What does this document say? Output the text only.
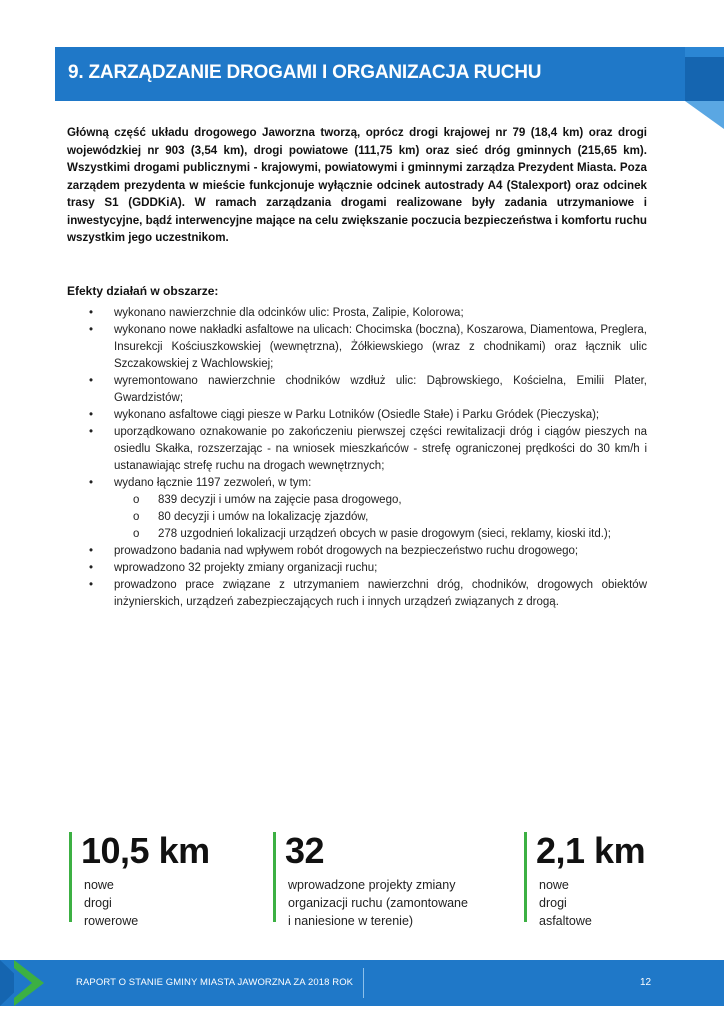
9. ZARZĄDZANIE DROGAMI I ORGANIZACJA RUCHU
Główną część układu drogowego Jaworzna tworzą, oprócz drogi krajowej nr 79 (18,4 km) oraz drogi wojewódzkiej nr 903 (3,54 km), drogi powiatowe (111,75 km) oraz sieć dróg gminnych (215,65 km). Wszystkimi drogami publicznymi - krajowymi, powiatowymi i gminnymi zarządza Prezydent Miasta. Poza zarządem prezydenta w mieście funkcjonuje wyłącznie odcinek autostrady A4 (Stalexport) oraz odcinek trasy S1 (GDDKiA). W ramach zarządzania drogami realizowane były zadania utrzymaniowe i inwestycyjne, bądź interwencyjne mające na celu zwiększanie poczucia bezpieczeństwa i komfortu ruchu wszystkim jego uczestnikom.
Efekty działań w obszarze:
• wykonano nawierzchnie dla odcinków ulic: Prosta, Zalipie, Kolorowa;
• wykonano nowe nakładki asfaltowe na ulicach: Chocimska (boczna), Koszarowa, Diamentowa, Preglera, Insurekcji Kościuszkowskiej (wewnętrzna), Żółkiewskiego (wraz z chodnikami) oraz łącznik ulic Szczakowskiej z Wachlowskiej;
• wyremontowano nawierzchnie chodników wzdłuż ulic: Dąbrowskiego, Kościelna, Emilii Plater, Gwardzistów;
• wykonano asfaltowe ciągi piesze w Parku Lotników (Osiedle Stałe) i Parku Gródek (Pieczyska);
• uporządkowano oznakowanie po zakończeniu pierwszej części rewitalizacji dróg i ciągów pieszych na osiedlu Skałka, rozszerzając - na wniosek mieszkańców - strefę ograniczonej prędkości do 30 km/h i ustanawiając strefę ruchu na drogach wewnętrznych;
• wydano łącznie 1197 zezwoleń, w tym:
o 839 decyzji i umów na zajęcie pasa drogowego,
o 80 decyzji i umów na lokalizację zjazdów,
o 278 uzgodnień lokalizacji urządzeń obcych w pasie drogowym (sieci, reklamy, kioski itd.);
• prowadzono badania nad wpływem robót drogowych na bezpieczeństwo ruchu drogowego;
• wprowadzono 32 projekty zmiany organizacji ruchu;
• prowadzono prace związane z utrzymaniem nawierzchni dróg, chodników, drogowych obiektów inżynierskich, urządzeń zabezpieczających ruch i innych urządzeń związanych z drogą.
10,5 km
nowe
drogi
rowerowe
32
wprowadzone projekty zmiany
organizacji ruchu (zamontowane
i naniesione w terenie)
2,1 km
nowe
drogi
asfaltowe
RAPORT O STANIE GMINY MIASTA JAWORZNA ZA 2018 ROK	12
